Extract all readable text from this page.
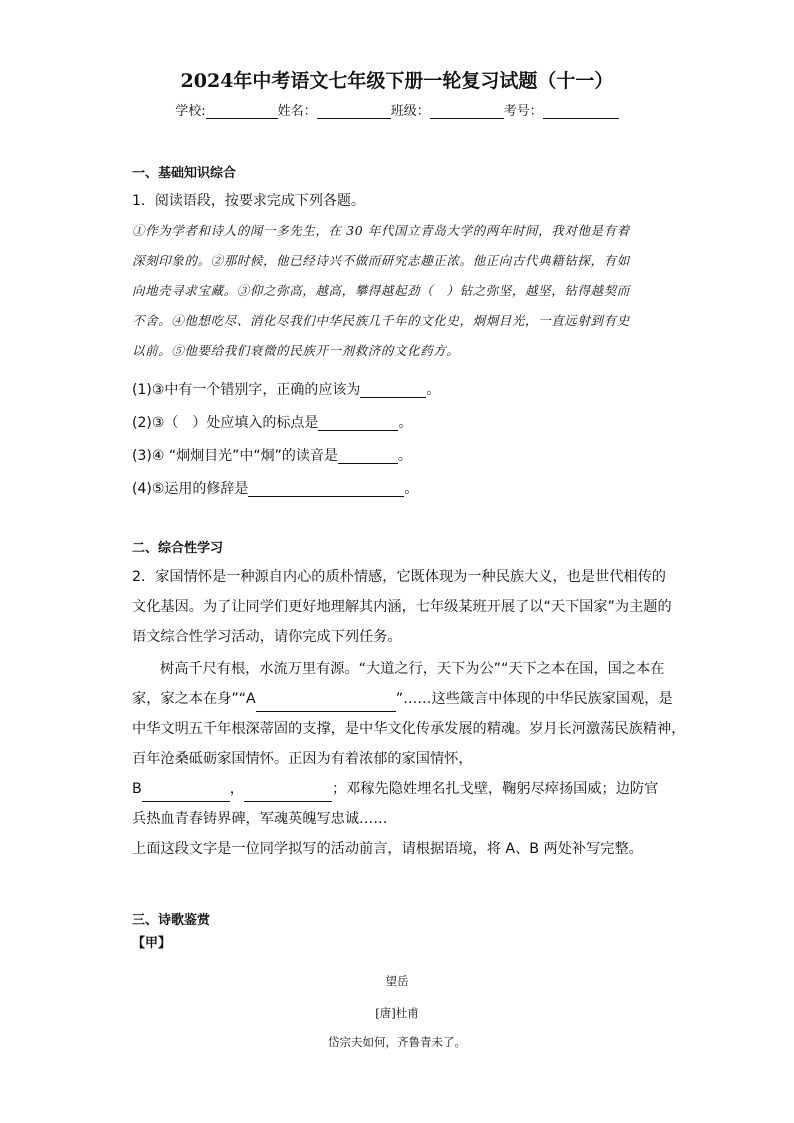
2024年中考语文七年级下册一轮复习试题（十一）
学校:	姓名：	班级：	考号：
一、基础知识综合
1．阅读语段，按要求完成下列各题。
①作为学者和诗人的闻一多先生，在 30 年代国立青岛大学的两年时间，我对他是有着
深刻印象的。②那时候，他已经诗兴不做而研究志趣正浓。他正向古代典籍钻探，有如
向地壳寻求宝藏。③仰之弥高，越高，攀得越起劲（　）钻之弥坚，越坚，钻得越契而
不舍。④他想吃尽、消化尽我们中华民族几千年的文化史，炯炯目光，一直远射到有史
以前。⑤他要给我们衰微的民族开一剂救济的文化药方。
(1)③中有一个错别字，正确的应该为	。
(2)③（　）处应填入的标点是	。
(3)④ “炯炯目光”中“炯”的读音是	。
(4)⑤运用的修辞是	。
二、综合性学习
2．家国情怀是一种源自内心的质朴情感，它既体现为一种民族大义，也是世代相传的
文化基因。为了让同学们更好地理解其内涵，七年级某班开展了以“天下国家”为主题的
语文综合性学习活动，请你完成下列任务。
树高千尺有根，水流万里有源。“大道之行，天下为公”“天下之本在国，国之本在
家，家之本在身”“A	”……这些箴言中体现的中华民族家国观，是
中华文明五千年根深蒂固的支撑，是中华文化传承发展的精魂。岁月长河激荡民族精神，
百年沧桑砥砺家国情怀。正因为有着浓郁的家国情怀，
B	，	；邓稼先隐姓埋名扎戈壁，鞠躬尽瘁扬国威；边防官
兵热血青春铸界碑，军魂英魄写忠诚……
上面这段文字是一位同学拟写的活动前言，请根据语境，将 A、B 两处补写完整。
三、诗歌鉴赏
【甲】
望岳
[唐]杜甫
岱宗夫如何，齐鲁青未了。
